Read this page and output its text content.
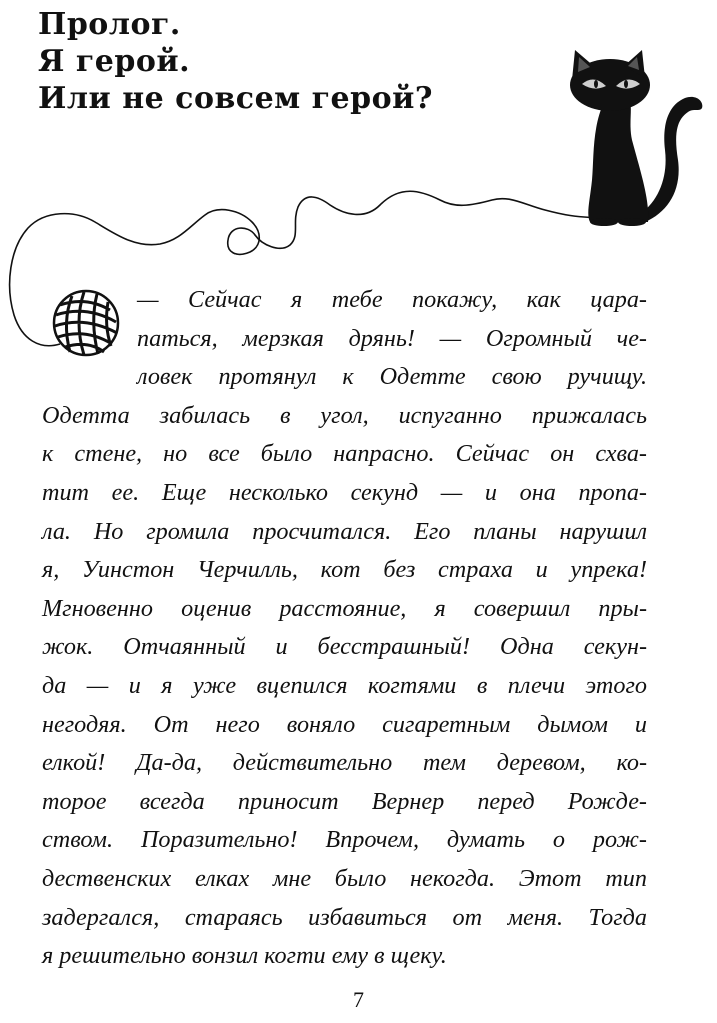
Пролог.
Я герой.
Или не совсем герой?
— Сейчас я тебе покажу, как цара-
паться, мерзкая дрянь! — Огромный че-
ловек протянул к Одетте свою ручищу.
Одетта забилась в угол, испуганно прижалась
к стене, но все было напрасно. Сейчас он схва-
тит ее. Еще несколько секунд — и она пропа-
ла. Но громила просчитался. Его планы нарушил
я, Уинстон Черчилль, кот без страха и упрека!
Мгновенно оценив расстояние, я совершил пры-
жок. Отчаянный и бесстрашный! Одна секун-
да — и я уже вцепился когтями в плечи этого
негодяя. От него воняло сигаретным дымом и
елкой! Да-да, действительно тем деревом, ко-
торое всегда приносит Вернер перед Рожде-
ством. Поразительно! Впрочем, думать о рож-
дественских елках мне было некогда. Этот тип
задергался, стараясь избавиться от меня. Тогда
я решительно вонзил когти ему в щеку.
7
